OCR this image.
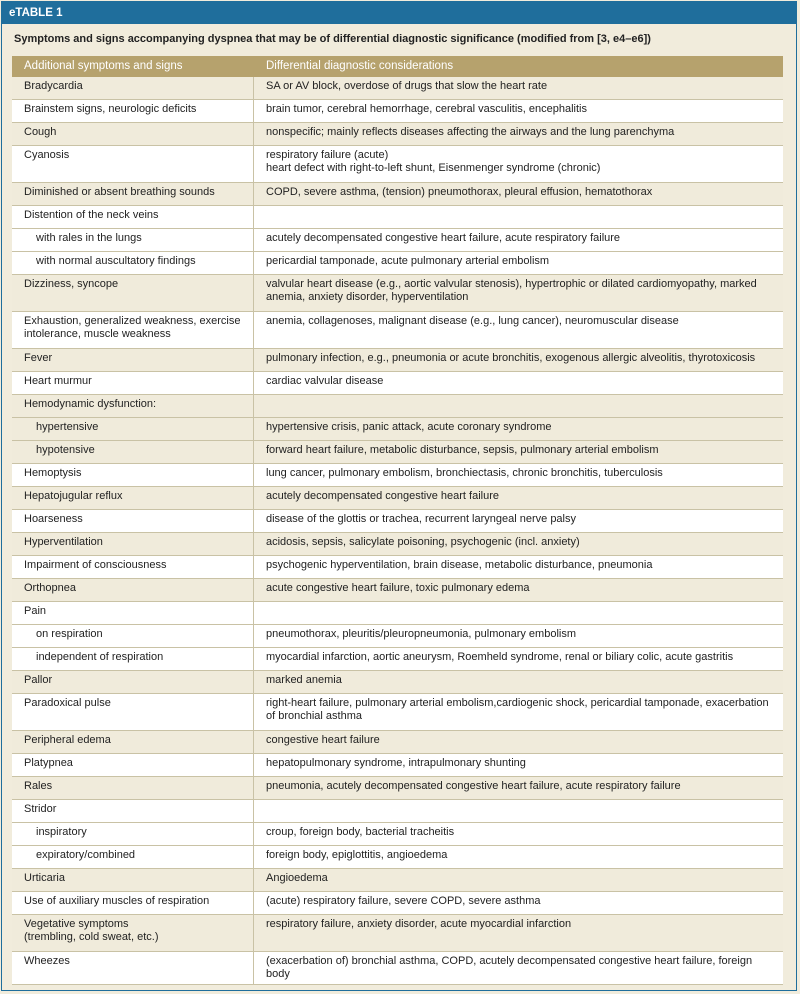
eTABLE 1
Symptoms and signs accompanying dyspnea that may be of differential diagnostic significance (modified from [3, e4–e6])
Additional symptoms and signs	Differential diagnostic considerations
Bradycardia	SA or AV block, overdose of drugs that slow the heart rate
Brainstem signs, neurologic deficits	brain tumor, cerebral hemorrhage, cerebral vasculitis, encephalitis
Cough	nonspecific; mainly reflects diseases affecting the airways and the lung parenchyma
Cyanosis	respiratory failure (acute)
heart defect with right-to-left shunt, Eisenmenger syndrome (chronic)
Diminished or absent breathing sounds	COPD, severe asthma, (tension) pneumothorax, pleural effusion, hematothorax
Distention of the neck veins	
with rales in the lungs	acutely decompensated congestive heart failure, acute respiratory failure
with normal auscultatory findings	pericardial tamponade, acute pulmonary arterial embolism
Dizziness, syncope	valvular heart disease (e.g., aortic valvular stenosis), hypertrophic or dilated cardiomyopathy, marked anemia, anxiety disorder, hyperventilation
Exhaustion, generalized weakness, exercise intolerance, muscle weakness	anemia, collagenoses, malignant disease (e.g., lung cancer), neuromuscular disease
Fever	pulmonary infection, e.g., pneumonia or acute bronchitis, exogenous allergic alveolitis, thyrotoxicosis
Heart murmur	cardiac valvular disease
Hemodynamic dysfunction:	
hypertensive	hypertensive crisis, panic attack, acute coronary syndrome
hypotensive	forward heart failure, metabolic disturbance, sepsis, pulmonary arterial embolism
Hemoptysis	lung cancer, pulmonary embolism, bronchiectasis, chronic bronchitis, tuberculosis
Hepatojugular reflux	acutely decompensated congestive heart failure
Hoarseness	disease of the glottis or trachea, recurrent laryngeal nerve palsy
Hyperventilation	acidosis, sepsis, salicylate poisoning, psychogenic (incl. anxiety)
Impairment of consciousness	psychogenic hyperventilation, brain disease, metabolic disturbance, pneumonia
Orthopnea	acute congestive heart failure, toxic pulmonary edema
Pain	
on respiration	pneumothorax, pleuritis/pleuropneumonia, pulmonary embolism
independent of respiration	myocardial infarction, aortic aneurysm, Roemheld syndrome, renal or biliary colic, acute gastritis
Pallor	marked anemia
Paradoxical pulse	right-heart failure, pulmonary arterial embolism,cardiogenic shock, pericardial tamponade, exacerbation of bronchial asthma
Peripheral edema	congestive heart failure
Platypnea	hepatopulmonary syndrome, intrapulmonary shunting
Rales	pneumonia, acutely decompensated congestive heart failure, acute respiratory failure
Stridor	
inspiratory	croup, foreign body, bacterial tracheitis
expiratory/combined	foreign body, epiglottitis, angioedema
Urticaria	Angioedema
Use of auxiliary muscles of respiration	(acute) respiratory failure, severe COPD, severe asthma
Vegetative symptoms
(trembling, cold sweat, etc.)	respiratory failure, anxiety disorder, acute myocardial infarction
Wheezes	(exacerbation of) bronchial asthma, COPD, acutely decompensated congestive heart failure, foreign body
